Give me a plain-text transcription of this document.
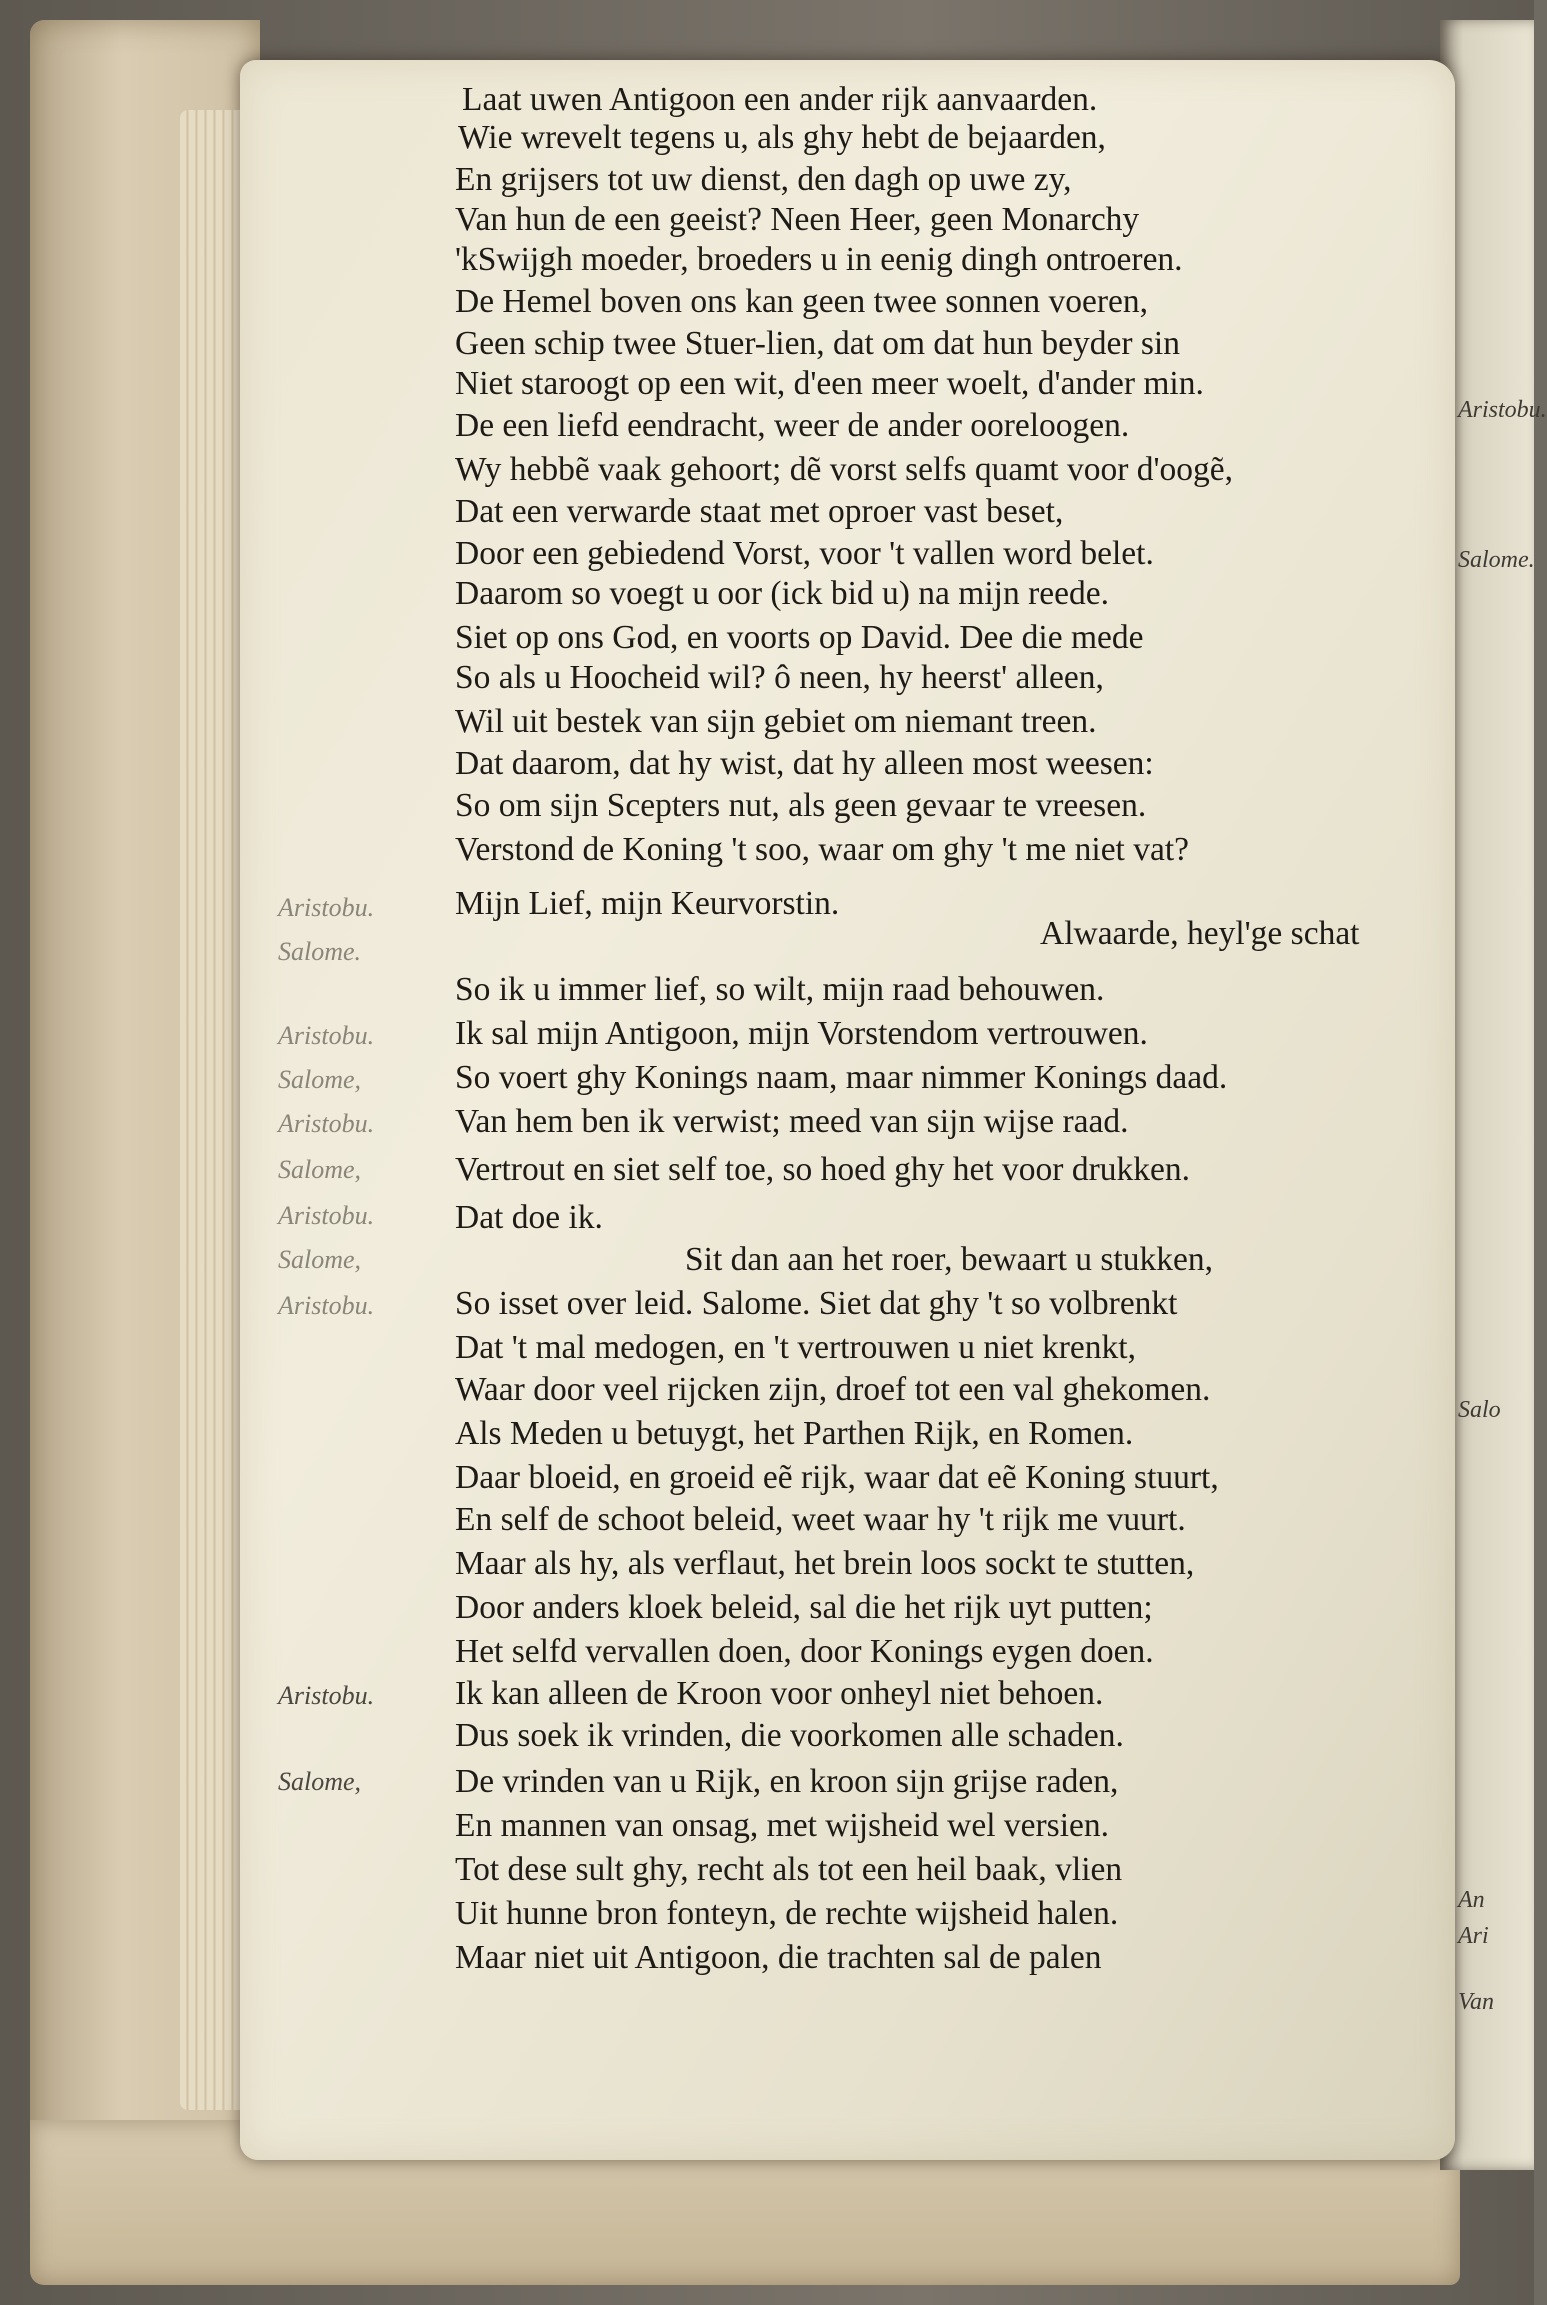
Laat uwen Antigoon een ander rijk aanvaarden.
Wie wrevelt tegens u, als ghy hebt de bejaarden,
En grijsers tot uw dienst, den dagh op uwe zy,
Van hun de een geeist? Neen Heer, geen Monarchy
'kSwijgh moeder, broeders u in eenig dingh ontroeren.
De Hemel boven ons kan geen twee sonnen voeren,
Geen schip twee Stuer-lien, dat om dat hun beyder sin
Niet staroogt op een wit, d'een meer woelt, d'ander min.
De een liefd eendracht, weer de ander ooreloogen.
Wy hebbẽ vaak gehoort; dẽ vorst selfs quamt voor d'oogẽ,
Dat een verwarde staat met oproer vast beset,
Door een gebiedend Vorst, voor 't vallen word belet.
Daarom so voegt u oor (ick bid u) na mijn reede.
Siet op ons God, en voorts op David. Dee die mede
So als u Hoocheid wil? ô neen, hy heerst' alleen,
Wil uit bestek van sijn gebiet om niemant treen.
Dat daarom, dat hy wist, dat hy alleen most weesen:
So om sijn Scepters nut, als geen gevaar te vreesen.
Verstond de Koning 't soo, waar om ghy 't me niet vat?
Mijn Lief, mijn Keurvorstin.
Alwaarde, heyl'ge schat
So ik u immer lief, so wilt, mijn raad behouwen.
Ik sal mijn Antigoon, mijn Vorstendom vertrouwen.
So voert ghy Konings naam, maar nimmer Konings daad.
Van hem ben ik verwist; meed van sijn wijse raad.
Vertrout en siet self toe, so hoed ghy het voor drukken.
Dat doe ik.
Sit dan aan het roer, bewaart u stukken,
So isset over leid. Salome. Siet dat ghy 't so volbrenkt
Dat 't mal medogen, en 't vertrouwen u niet krenkt,
Waar door veel rijcken zijn, droef tot een val ghekomen.
Als Meden u betuygt, het Parthen Rijk, en Romen.
Daar bloeid, en groeid eẽ rijk, waar dat eẽ Koning stuurt,
En self de schoot beleid, weet waar hy 't rijk me vuurt.
Maar als hy, als verflaut, het brein loos sockt te stutten,
Door anders kloek beleid, sal die het rijk uyt putten;
Het selfd vervallen doen, door Konings eygen doen.
Ik kan alleen de Kroon voor onheyl niet behoen.
Dus soek ik vrinden, die voorkomen alle schaden.
De vrinden van u Rijk, en kroon sijn grijse raden,
En mannen van onsag, met wijsheid wel versien.
Tot dese sult ghy, recht als tot een heil baak, vlien
Uit hunne bron fonteyn, de rechte wijsheid halen.
Maar niet uit Antigoon, die trachten sal de palen
Aristobu.
Salome.
Aristobu.
Salome,
Aristobu.
Salome,
Aristobu.
Salome,
Aristobu.
Aristobu.
Salome,
Aristobu.
Salome.
Salo
An
Ari
Van
